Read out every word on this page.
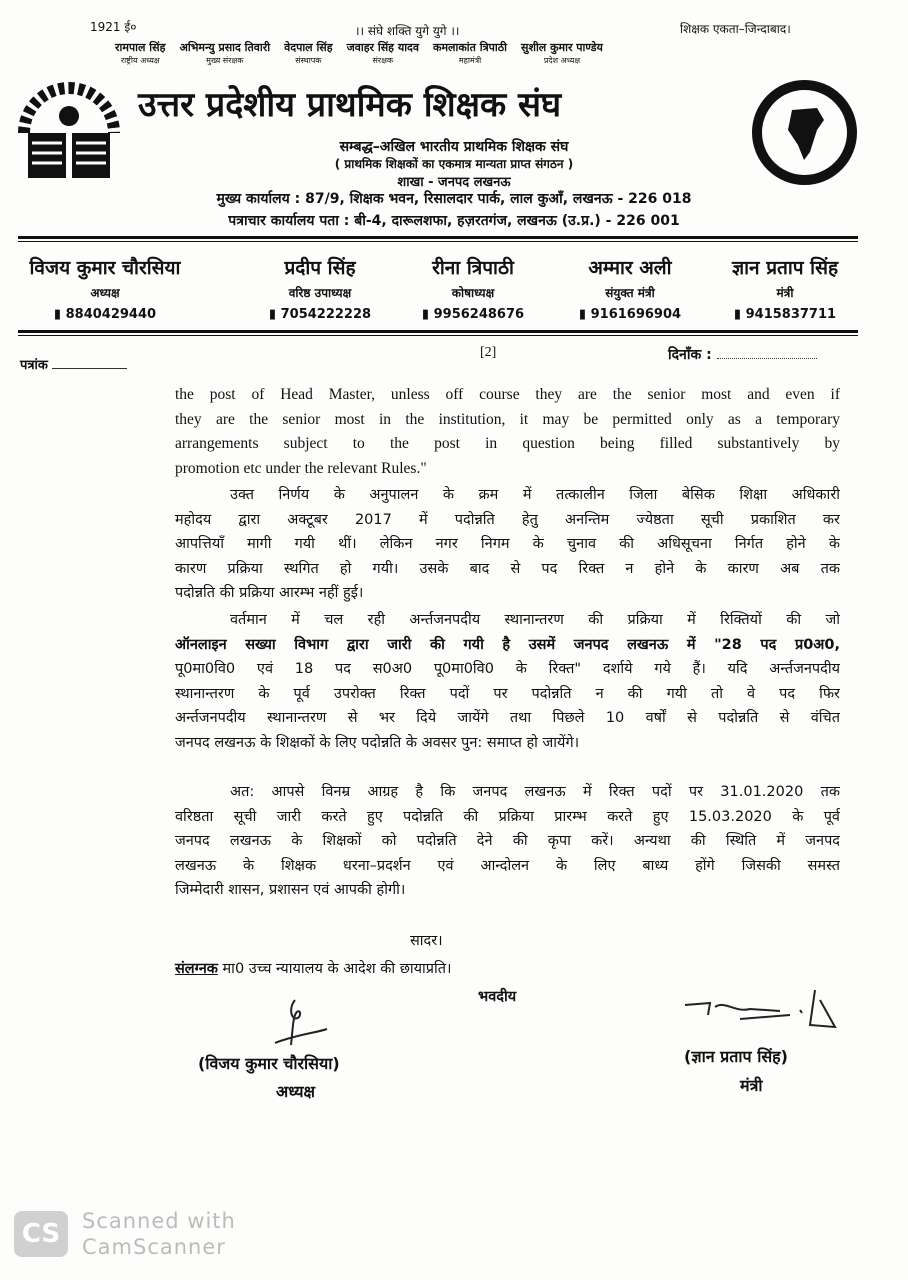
1921 ई०	।। संघे शक्ति युगे युगे ।।	शिक्षक एकता–जिन्दाबाद।
रामपाल सिंह
राष्ट्रीय अध्यक्ष
अभिमन्यु प्रसाद तिवारी
मुख्य संरक्षक
वेदपाल सिंह
संस्थापक
जवाहर सिंह यादव
संरक्षक
कमलाकांत त्रिपाठी
महामंत्री
सुशील कुमार पाण्डेय
प्रदेश अध्यक्ष
उत्तर प्रदेशीय प्राथमिक शिक्षक संघ
सम्बद्ध–अखिल भारतीय प्राथमिक शिक्षक संघ
( प्राथमिक शिक्षकों का एकमात्र मान्यता प्राप्त संगठन )
शाखा - जनपद लखनऊ
मुख्य कार्यालय : 87/9, शिक्षक भवन, रिसालदार पार्क, लाल कुआँ, लखनऊ - 226 018
पत्राचार कार्यालय पता : बी-4, दारूलशफा, हज़रतगंज, लखनऊ (उ.प्र.) - 226 001
विजय कुमार चौरसिया
अध्यक्ष
▮ 8840429440
प्रदीप सिंह
वरिष्ठ उपाध्यक्ष
▮ 7054222228
रीना त्रिपाठी
कोषाध्यक्ष
▮ 9956248676
अम्मार अली
संयुक्त मंत्री
▮ 9161696904
ज्ञान प्रताप सिंह
मंत्री
▮ 9415837711
पत्रांक
[2]	दिनाँक :
the post of Head Master, unless off course they are the senior most and even if
they are the senior most in the institution, it may be permitted only as a temporary
arrangements subject to the post in question being filled substantively by
promotion etc under the relevant Rules."
उक्त निर्णय के अनुपालन के क्रम में तत्कालीन जिला बेसिक शिक्षा अधिकारी
महोदय द्वारा अक्टूबर 2017 में पदोन्नति हेतु अनन्तिम ज्येष्ठता सूची प्रकाशित कर
आपत्तियाँ मागी गयी थीं। लेकिन नगर निगम के चुनाव की अधिसूचना निर्गत होने के
कारण प्रक्रिया स्थगित हो गयी। उसके बाद से पद रिक्त न होने के कारण अब तक
पदोन्नति की प्रक्रिया आरम्भ नहीं हुई।
वर्तमान में चल रही अर्न्तजनपदीय स्थानान्तरण की प्रक्रिया में रिक्तियों की जो
ऑनलाइन सख्या विभाग द्वारा जारी की गयी है उसमें जनपद लखनऊ में "28 पद प्र0अ0,
पू0मा0वि0 एवं 18 पद स0अ0 पू0मा0वि0 के रिक्त" दर्शाये गये हैं। यदि अर्न्तजनपदीय
स्थानान्तरण के पूर्व उपरोक्त रिक्त पदों पर पदोन्नति न की गयी तो वे पद फिर
अर्न्तजनपदीय स्थानान्तरण से भर दिये जायेंगे तथा पिछले 10 वर्षों से पदोन्नति से वंचित
जनपद लखनऊ के शिक्षकों के लिए पदोन्नति के अवसर पुन: समाप्त हो जायेंगे।
अत: आपसे विनम्र आग्रह है कि जनपद लखनऊ में रिक्त पदों पर 31.01.2020 तक
वरिष्ठता सूची जारी करते हुए पदोन्नति की प्रक्रिया प्रारम्भ करते हुए 15.03.2020 के पूर्व
जनपद लखनऊ के शिक्षकों को पदोन्नति देने की कृपा करें। अन्यथा की स्थिति में जनपद
लखनऊ के शिक्षक धरना–प्रदर्शन एवं आन्दोलन के लिए बाध्य होंगे जिसकी समस्त
जिम्मेदारी शासन, प्रशासन एवं आपकी होगी।
सादर।
संलग्नक मा0 उच्च न्यायालय के आदेश की छायाप्रति।
भवदीय
(विजय कुमार चौरसिया)
अध्यक्ष
(ज्ञान प्रताप सिंह)
मंत्री
CS	Scanned with
CamScanner
